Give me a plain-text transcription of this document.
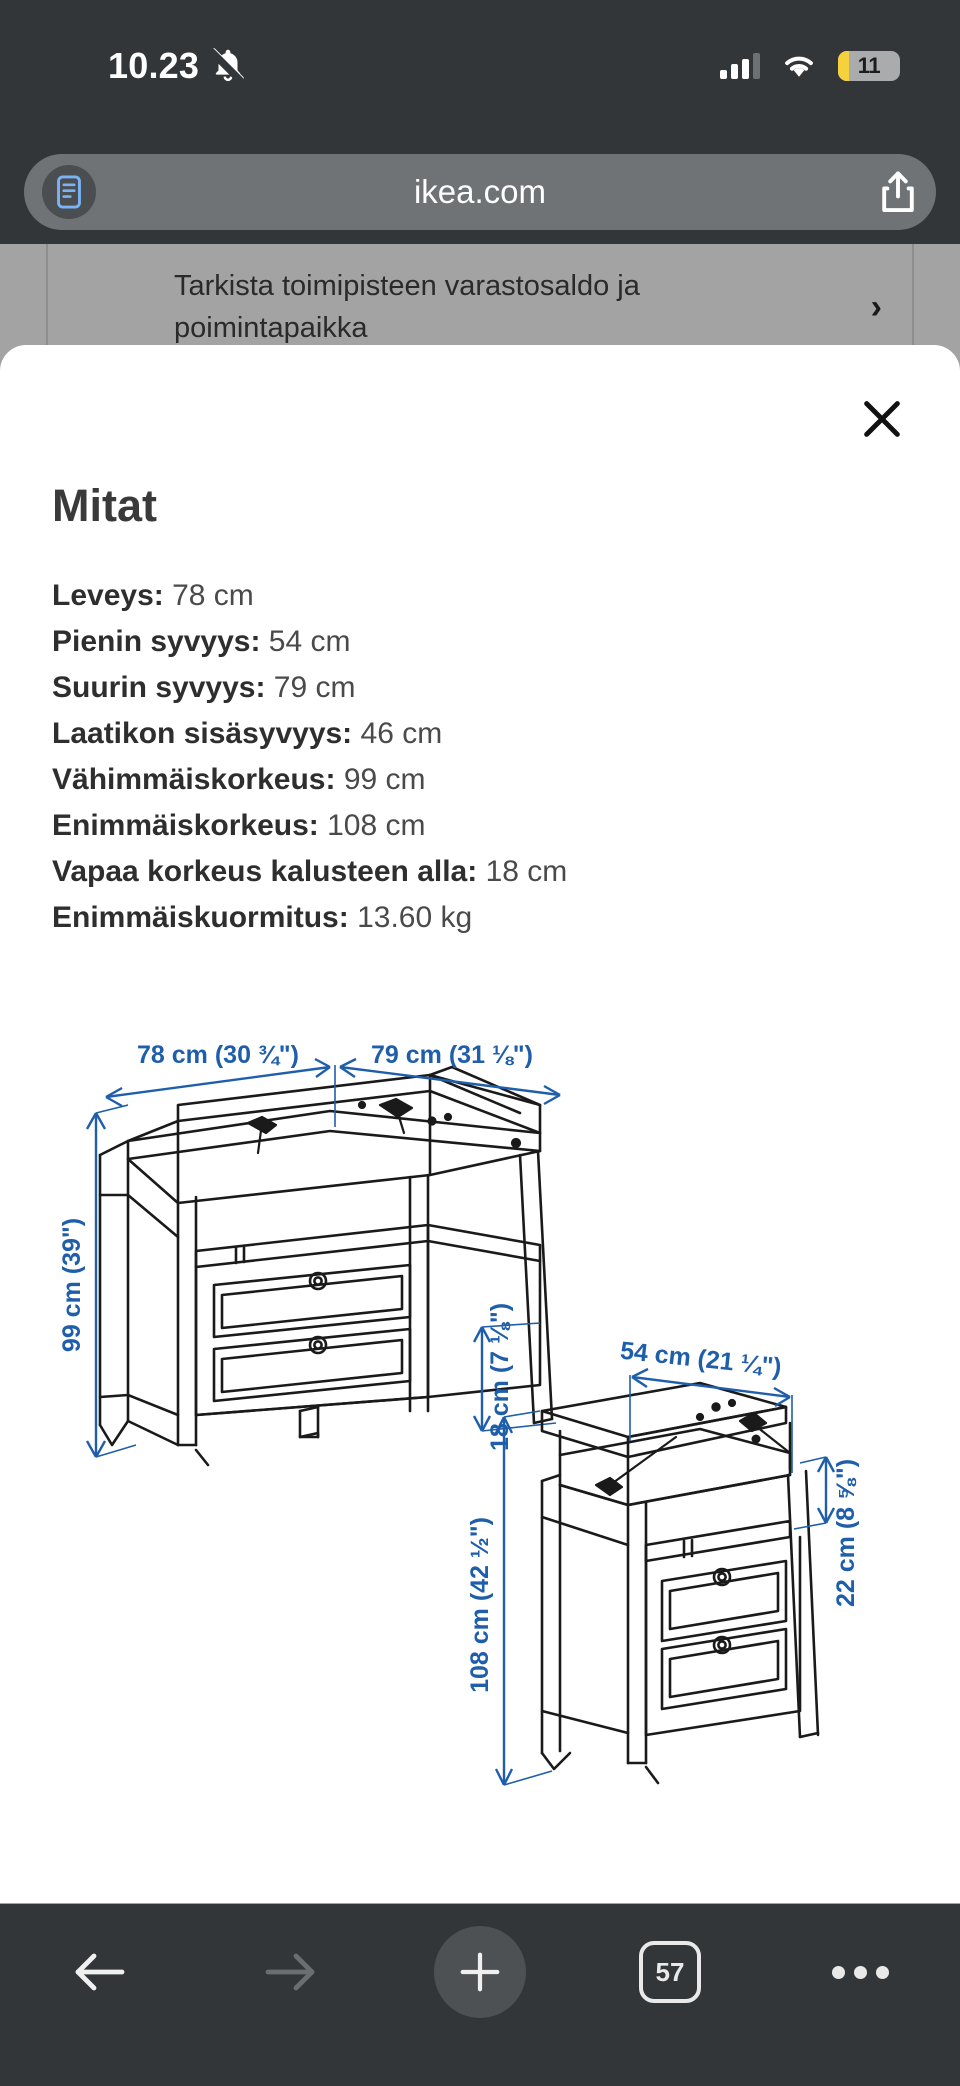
10.23	11
ikea.com
Tarkista toimipisteen varastosaldo ja poimintapaikka
›
Mitat
Leveys: 78 cm
Pienin syvyys: 54 cm
Suurin syvyys: 79 cm
Laatikon sisäsyvyys: 46 cm
Vähimmäiskorkeus: 99 cm
Enimmäiskorkeus: 108 cm
Vapaa korkeus kalusteen alla: 18 cm
Enimmäiskuormitus: 13.60 kg
78 cm (30 ¾")	79 cm (31 ⅛")
99 cm (39")
18 cm (7 ⅛")	54 cm (21 ¼")
108 cm (42 ½")	22 cm (8 ⅝")
57
